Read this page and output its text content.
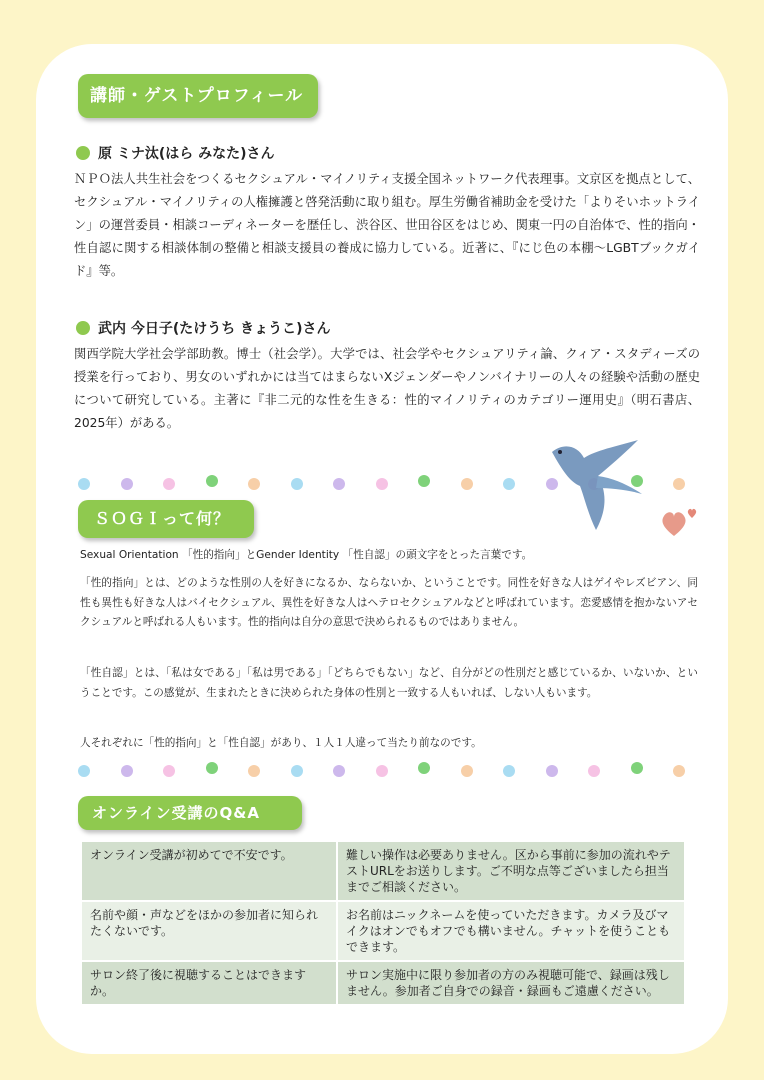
講師・ゲストプロフィール
原 ミナ汰(はら みなた)さん

ＮＰＯ法人共生社会をつくるセクシュアル・マイノリティ支援全国ネットワーク代表理事。文京区を拠点として、セクシュアル・マイノリティの人権擁護と啓発活動に取り組む。厚生労働省補助金を受けた「よりそいホットライン」の運営委員・相談コーディネーターを歴任し、渋谷区、世田谷区をはじめ、関東一円の自治体で、性的指向・性自認に関する相談体制の整備と相談支援員の養成に協力している。近著に、『にじ色の本棚～LGBTブックガイド』等。

武内 今日子(たけうち きょうこ)さん

関西学院大学社会学部助教。博士（社会学）。大学では、社会学やセクシュアリティ論、クィア・スタディーズの授業を行っており、男女のいずれかには当てはまらないXジェンダーやノンバイナリーの人々の経験や活動の歴史について研究している。主著に『非二元的な性を生きる：性的マイノリティのカテゴリー運用史』（明石書店、2025年）がある。

ＳＯＧＩって何？

Sexual Orientation 「性的指向」とGender Identity 「性自認」の頭文字をとった言葉です。

「性的指向」とは、どのような性別の人を好きになるか、ならないか、ということです。同性を好きな人はゲイやレズビアン、同性も異性も好きな人はバイセクシュアル、異性を好きな人はヘテロセクシュアルなどと呼ばれています。恋愛感情を抱かないアセクシュアルと呼ばれる人もいます。性的指向は自分の意思で決められるものではありません。

「性自認」とは、「私は女である」「私は男である」「どちらでもない」など、自分がどの性別だと感じているか、いないか、ということです。この感覚が、生まれたときに決められた身体の性別と一致する人もいれば、しない人もいます。

人それぞれに「性的指向」と「性自認」があり、１人１人違って当たり前なのです。

オンライン受講のQ&A
オンライン受講が初めてで不安です。	難しい操作は必要ありません。区から事前に参加の流れやテストURLをお送りします。ご不明な点等ございましたら担当までご相談ください。
名前や顔・声などをほかの参加者に知られたくないです。	お名前はニックネームを使っていただきます。カメラ及びマイクはオンでもオフでも構いません。チャットを使うこともできます。
サロン終了後に視聴することはできますか。	サロン実施中に限り参加者の方のみ視聴可能で、録画は残しません。参加者ご自身での録音・録画もご遠慮ください。
